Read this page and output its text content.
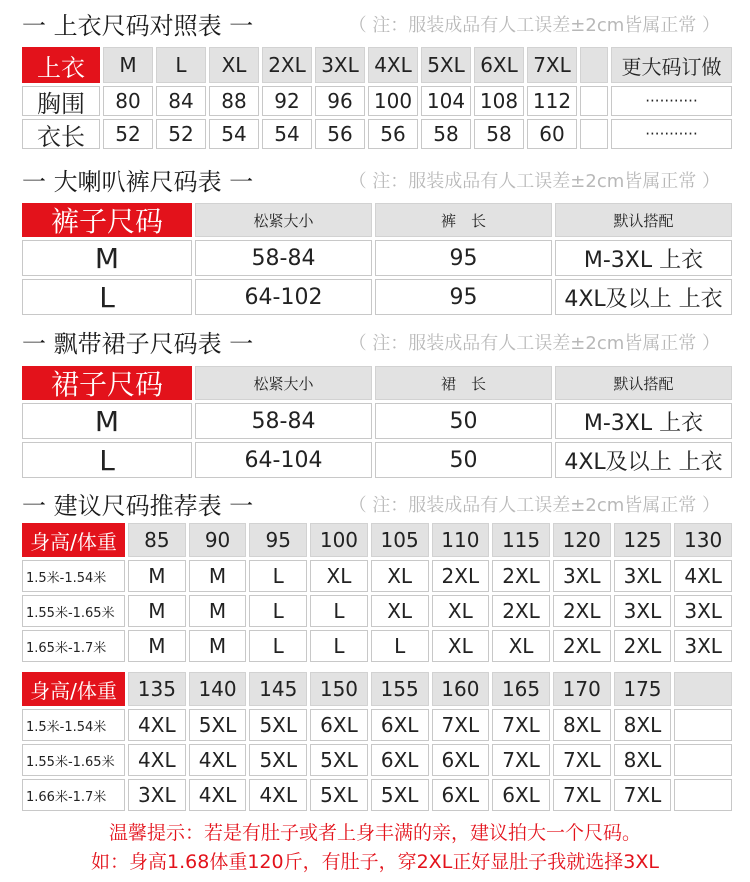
一 上衣尺码对照表 一	（ 注：服装成品有人工误差±2cm皆属正常 ）
上衣	M	L	XL	2XL 3XL 4XL 5XL 6XL 7XL	更大码订做
胸围	80	84	88	92	96	100 104 108 112	···········
衣长	52	52	54	54	56	56	58	58	60	···········
一 大喇叭裤尺码表 一	（ 注：服装成品有人工误差±2cm皆属正常 ）
裤子尺码	松紧大小	裤　长	默认搭配
M	58-84	95	M-3XL 上衣
L	64-102	95	4XL及以上 上衣
一 飘带裙子尺码表 一	（ 注：服装成品有人工误差±2cm皆属正常 ）
裙子尺码	松紧大小	裙　长	默认搭配
M	58-84	50	M-3XL 上衣
L	64-104	50	4XL及以上 上衣
一 建议尺码推荐表 一	（ 注：服装成品有人工误差±2cm皆属正常 ）
身高/体重	85	90	95	100	105	110	115	120	125	130
1.5米-1.54米	M	M	L	XL	XL	2XL	2XL	3XL	3XL	4XL
1.55米-1.65米	M	M	L	L	XL	XL	2XL	2XL	3XL	3XL
1.65米-1.7米	M	M	L	L	L	XL	XL	2XL	2XL	3XL
身高/体重	135	140	145	150	155	160	165	170	175
1.5米-1.54米	4XL	5XL	5XL	6XL	6XL	7XL	7XL	8XL	8XL
1.55米-1.65米	4XL	4XL	5XL	5XL	6XL	6XL	7XL	7XL	8XL
1.66米-1.7米	3XL	4XL	4XL	5XL	5XL	6XL	6XL	7XL	7XL
温馨提示：若是有肚子或者上身丰满的亲，建议拍大一个尺码。
如：身高1.68体重120斤，有肚子，穿2XL正好显肚子我就选择3XL
